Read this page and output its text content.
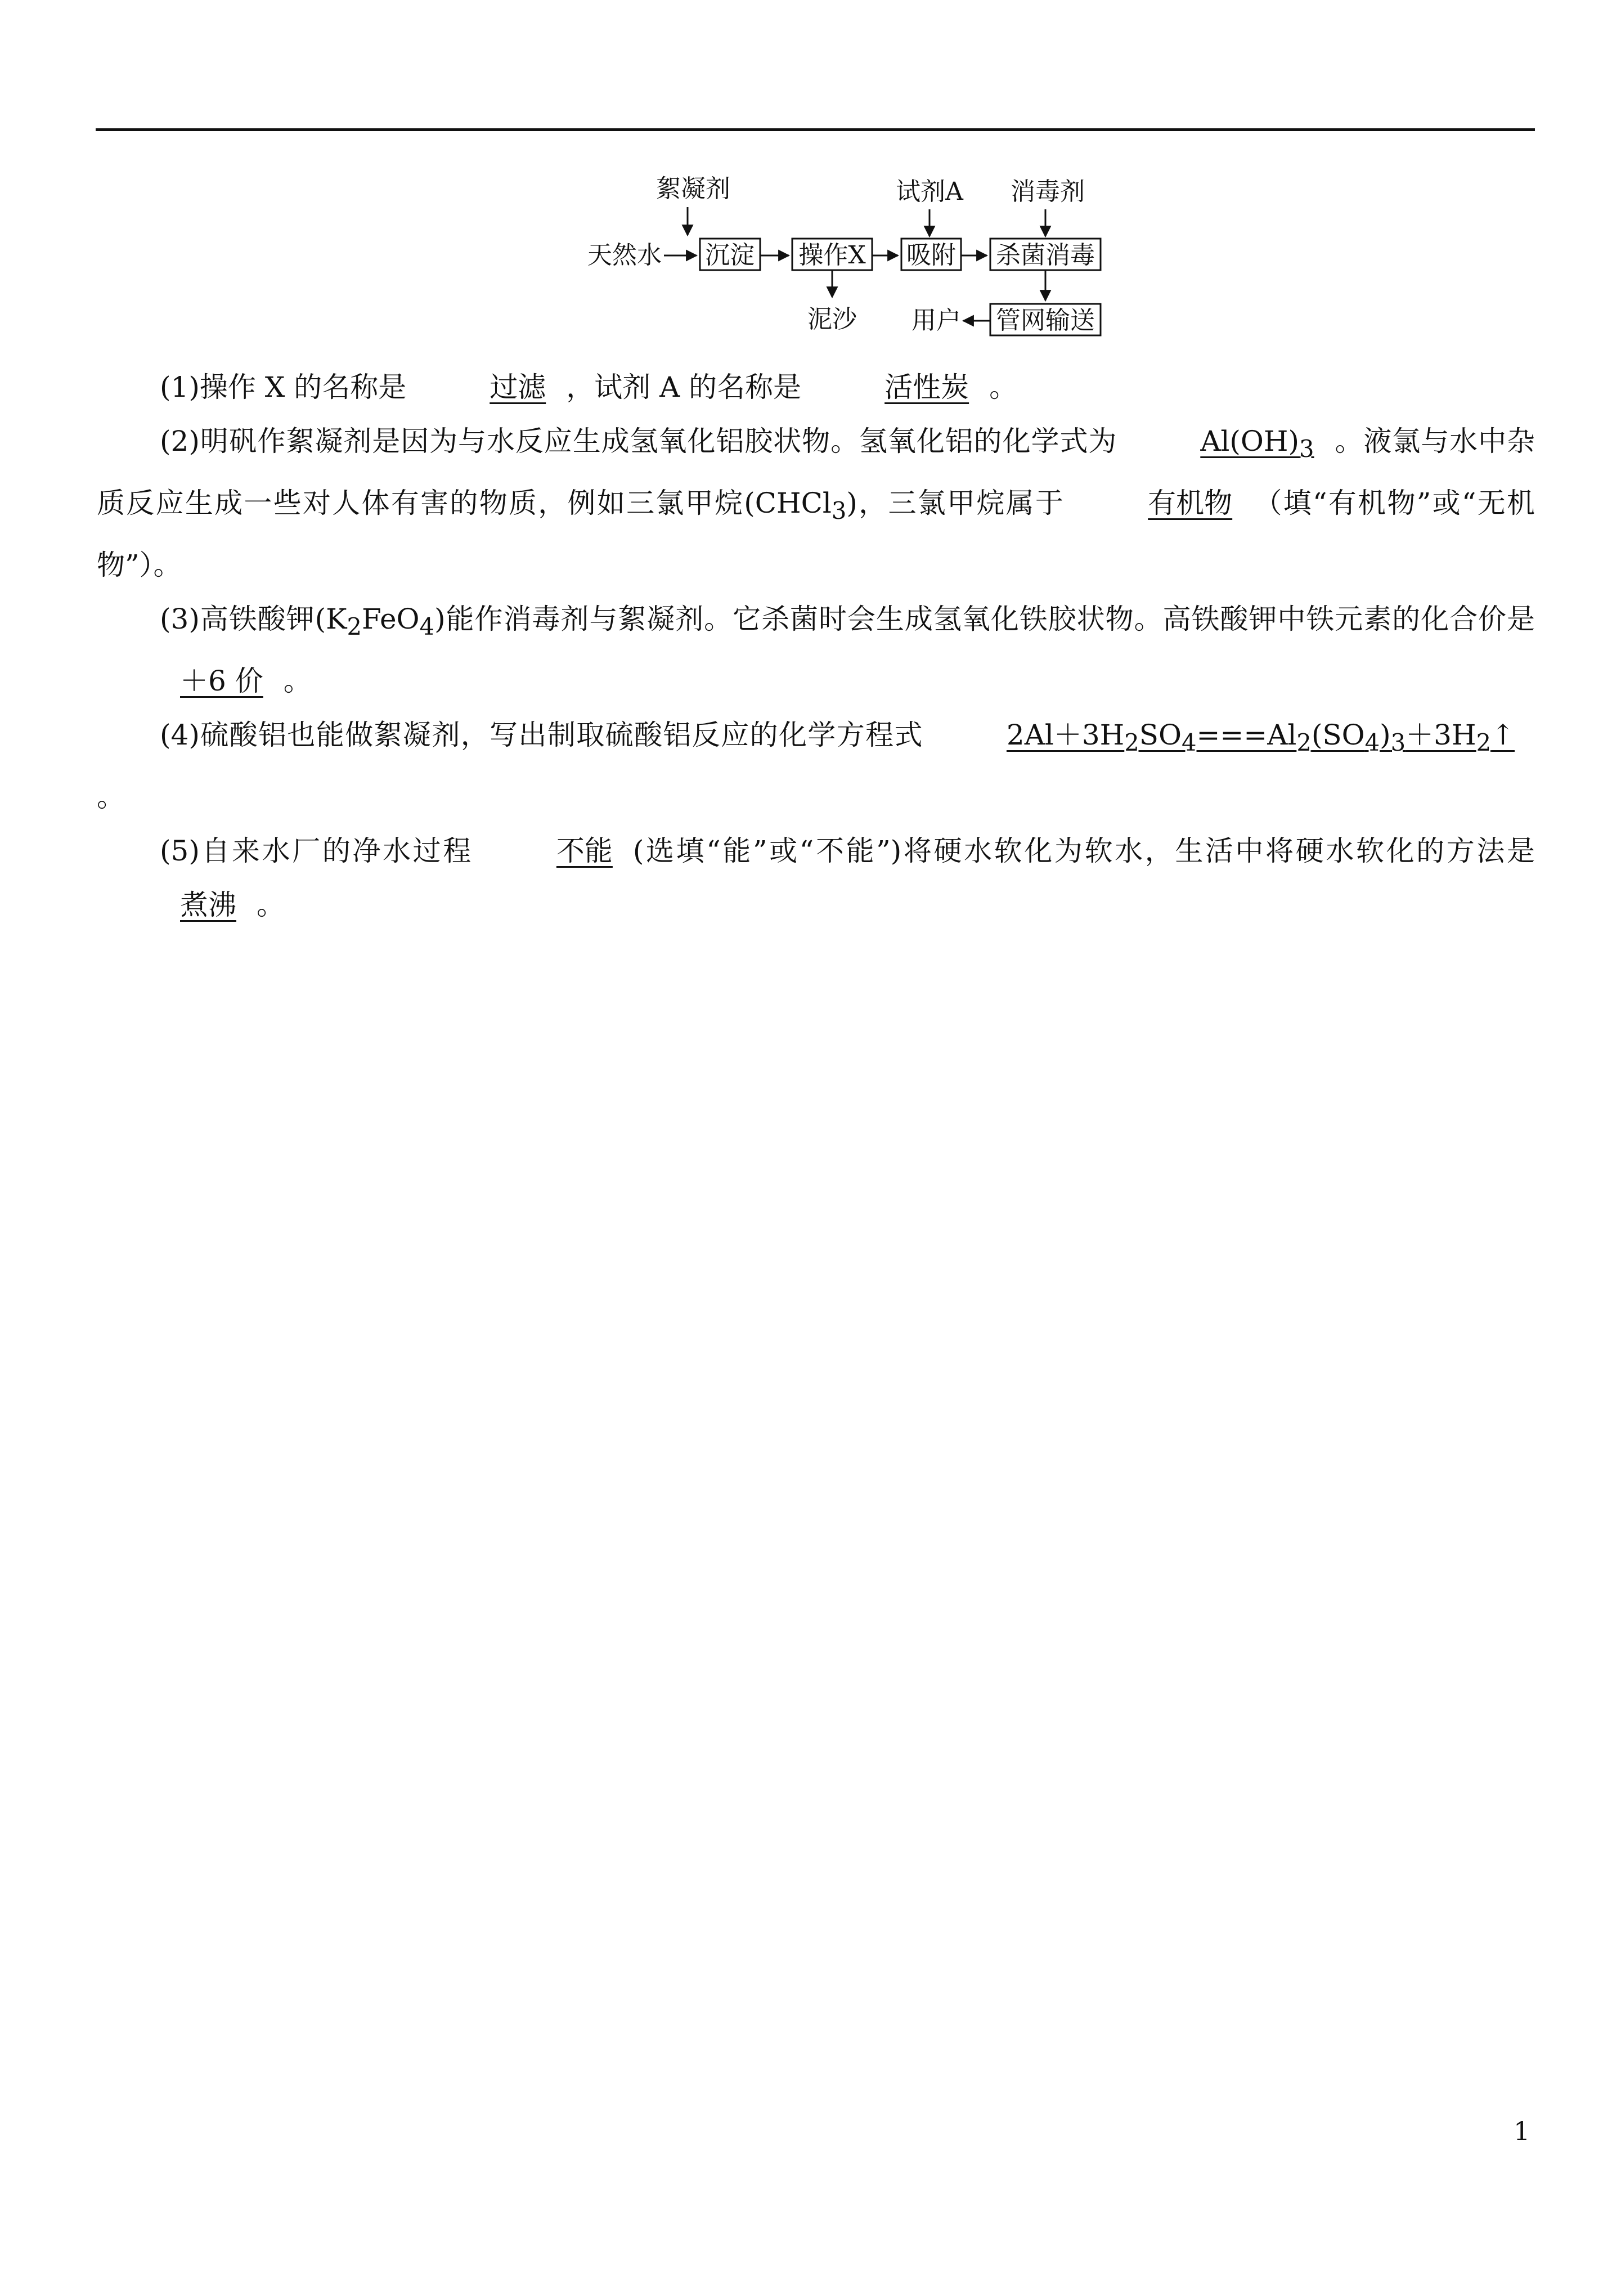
絮凝剂	试剂A 消毒剂
天然水 沉淀 操作X
泥沙
吸附 杀菌消毒
管网输送
用户

(1)操作 X 的名称是	过滤 ，试剂 A 的名称是	活性炭 。

(2)明矾作絮凝剂是因为与水反应生成氢氧化铝胶状物。氢氧化铝的化学式为	$Al(OH)_3$ 。液氯与水中杂质反应生成一些对人体有害的物质，例如三氯甲烷(CHCl$_3$)，三氯甲烷属于	有机物 （填“有机物”或“无机物”）。

(3)高铁酸钾$(K_2FeO_4)$能作消毒剂与絮凝剂。它杀菌时会生成氢氧化铁胶状物。高铁酸钾中铁元素的化合价是＋6 价 。

(4)硫酸铝也能做絮凝剂，写出制取硫酸铝反应的化学方程式	$2Al+3H_2SO_4===Al_2(SO_4)_3+3H_2↑$。

(5)自来水厂的净水过程	不能 (选填“能”或“不能”)将硬水软化为软水，生活中将硬水软化的方法是煮沸 。

1
